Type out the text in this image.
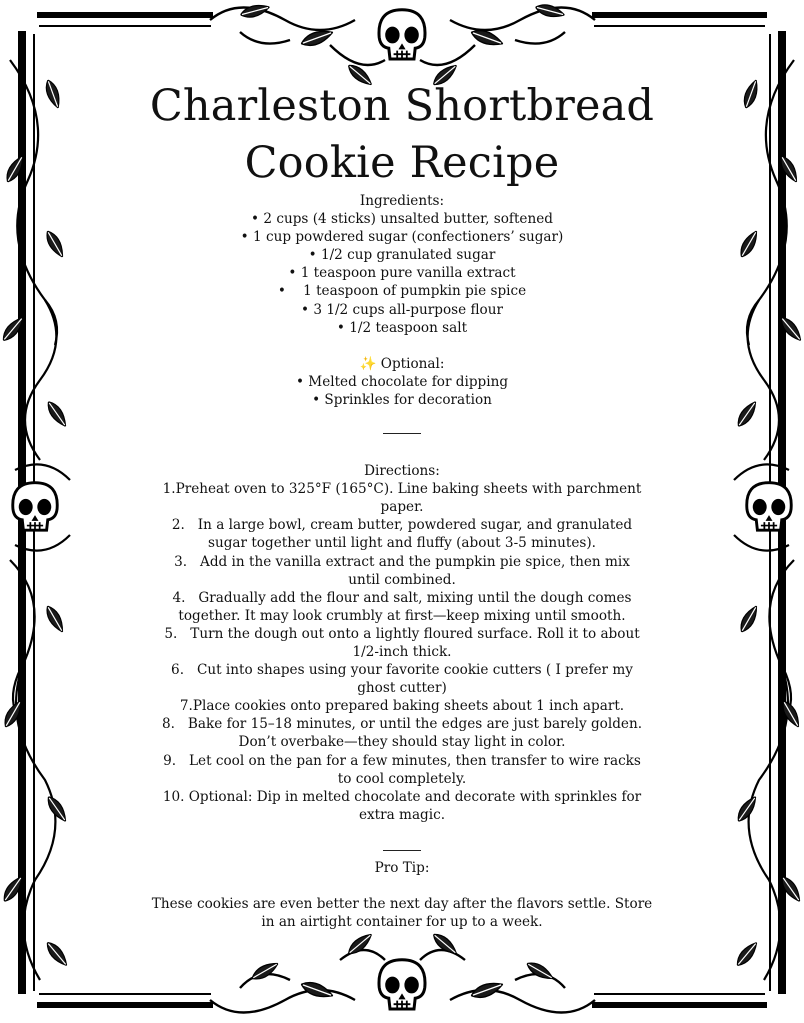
Charleston Shortbread
Cookie Recipe
Ingredients:
• 2 cups (4 sticks) unsalted butter, softened
• 1 cup powdered sugar (confectioners’ sugar)
• 1/2 cup granulated sugar
• 1 teaspoon pure vanilla extract
•    1 teaspoon of pumpkin pie spice
• 3 1/2 cups all-purpose flour
• 1/2 teaspoon salt
✨ Optional:
• Melted chocolate for dipping
• Sprinkles for decoration
Directions:
1.Preheat oven to 325°F (165°C). Line baking sheets with parchment
paper.
2.   In a large bowl, cream butter, powdered sugar, and granulated
sugar together until light and fluffy (about 3-5 minutes).
3.   Add in the vanilla extract and the pumpkin pie spice, then mix
until combined.
4.   Gradually add the flour and salt, mixing until the dough comes
together. It may look crumbly at first—keep mixing until smooth.
5.   Turn the dough out onto a lightly floured surface. Roll it to about
1/2-inch thick.
6.   Cut into shapes using your favorite cookie cutters ( I prefer my
ghost cutter)
7.Place cookies onto prepared baking sheets about 1 inch apart.
8.   Bake for 15–18 minutes, or until the edges are just barely golden.
Don’t overbake—they should stay light in color.
9.   Let cool on the pan for a few minutes, then transfer to wire racks
to cool completely.
10. Optional: Dip in melted chocolate and decorate with sprinkles for
extra magic.
Pro Tip:
These cookies are even better the next day after the flavors settle. Store
in an airtight container for up to a week.
